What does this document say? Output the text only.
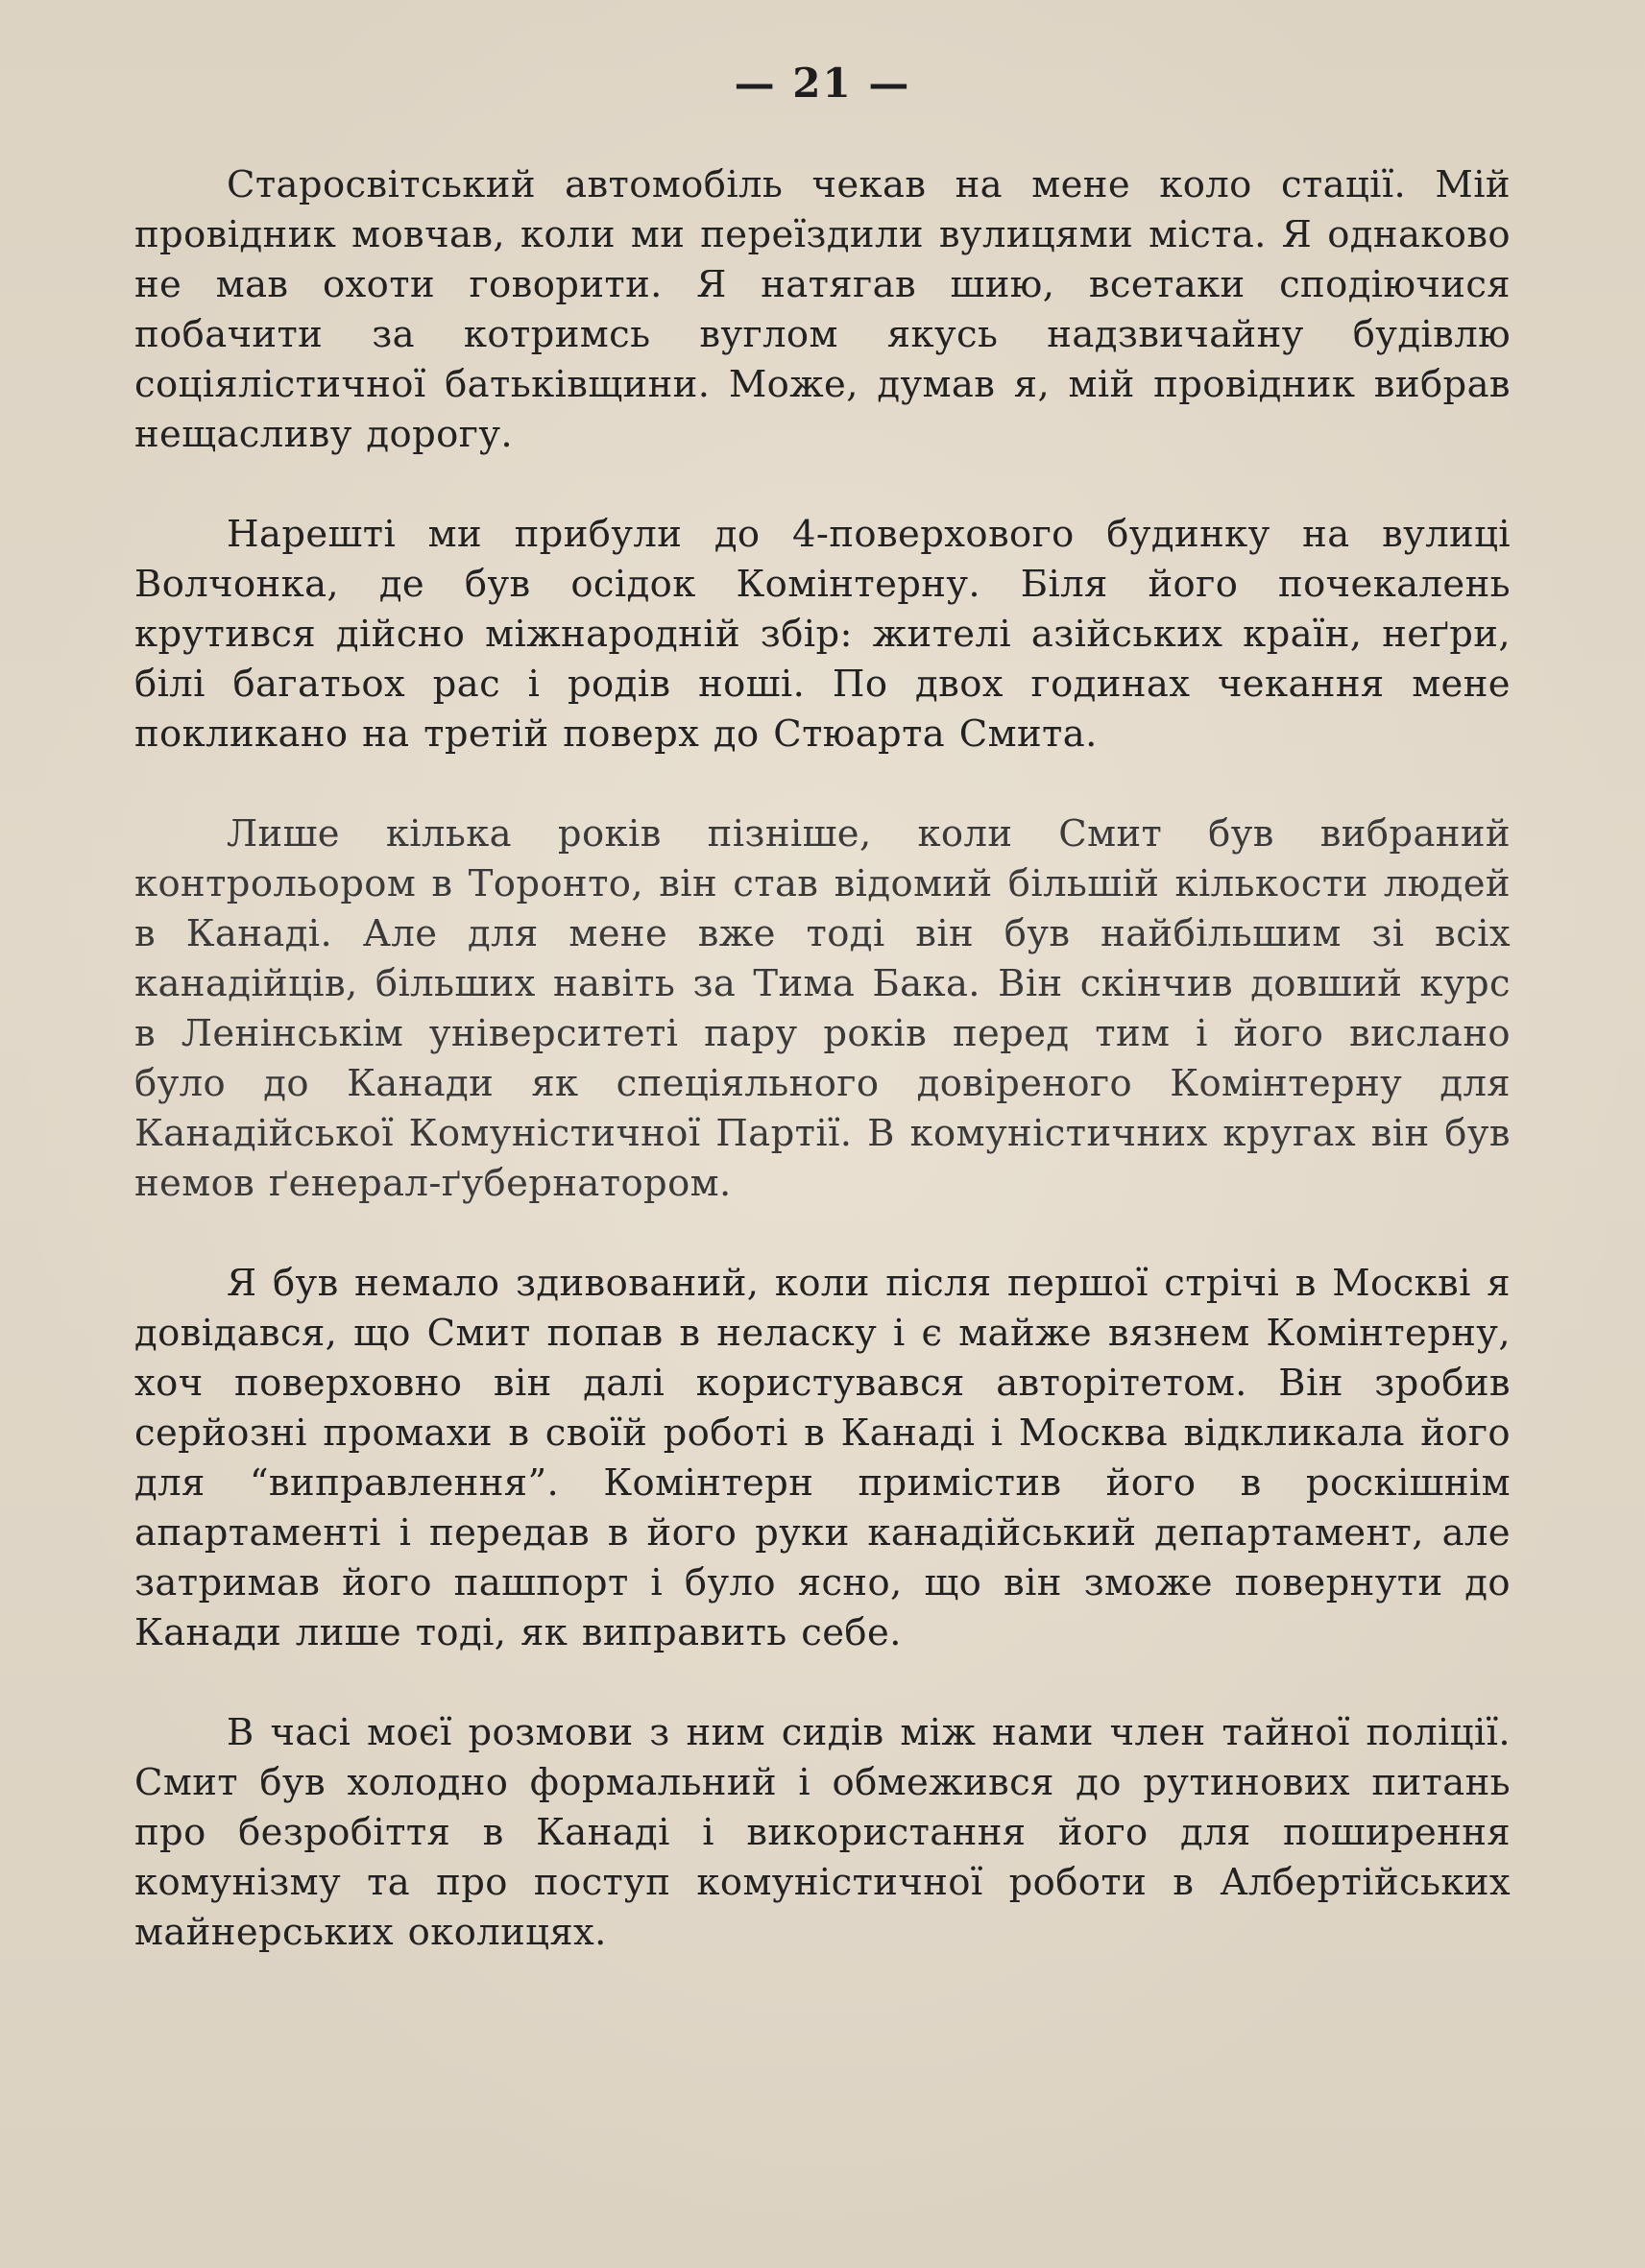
— 21 —

Старосвітський автомобіль чекав на мене коло стації. Мій провідник мовчав, коли ми переїздили вулицями міста. Я однаково не мав охоти говорити. Я натягав шию, всетаки сподіючися побачити за котримсь вуглом якусь надзвичайну будівлю соціялістичної батьківщини. Може, думав я, мій провідник вибрав нещасливу дорогу.

Нарешті ми прибули до 4-поверхового будинку на вулиці Волчонка, де був осідок Комінтерну. Біля його почекалень крутився дійсно міжнародній збір: жителі азійських країн, неґри, білі багатьох рас і родів ноші. По двох годинах чекання мене покликано на третій поверх до Стюарта Смита.

Лише кілька років пізніше, коли Смит був вибраний контрольором в Торонто, він став відомий більшій кількости людей в Канаді. Але для мене вже тоді він був найбільшим зі всіх канадійців, більших навіть за Тима Бака. Він скінчив довший курс в Ленінськім університеті пару років перед тим і його вислано було до Канади як спеціяльного довіреного Комінтерну для Канадійської Комуністичної Партії. В комуністичних кругах він був немов ґенерал-ґубернатором.

Я був немало здивований, коли після першої стрічі в Москві я довідався, що Смит попав в неласку і є майже вязнем Комінтерну, хоч поверховно він далі користувався авторітетом. Він зробив серйозні промахи в своїй роботі в Канаді і Москва відкликала його для “виправлення”. Комінтерн примістив його в роскішнім апартаменті і передав в його руки канадійський департамент, але затримав його пашпорт і було ясно, що він зможе повернути до Канади лише тоді, як виправить себе.

В часі моєї розмови з ним сидів між нами член тайної поліції. Смит був холодно формальний і обмежився до рутинових питань про безробіття в Канаді і використання його для поширення комунізму та про поступ комуністичної роботи в Албертійських майнерських околицях.
